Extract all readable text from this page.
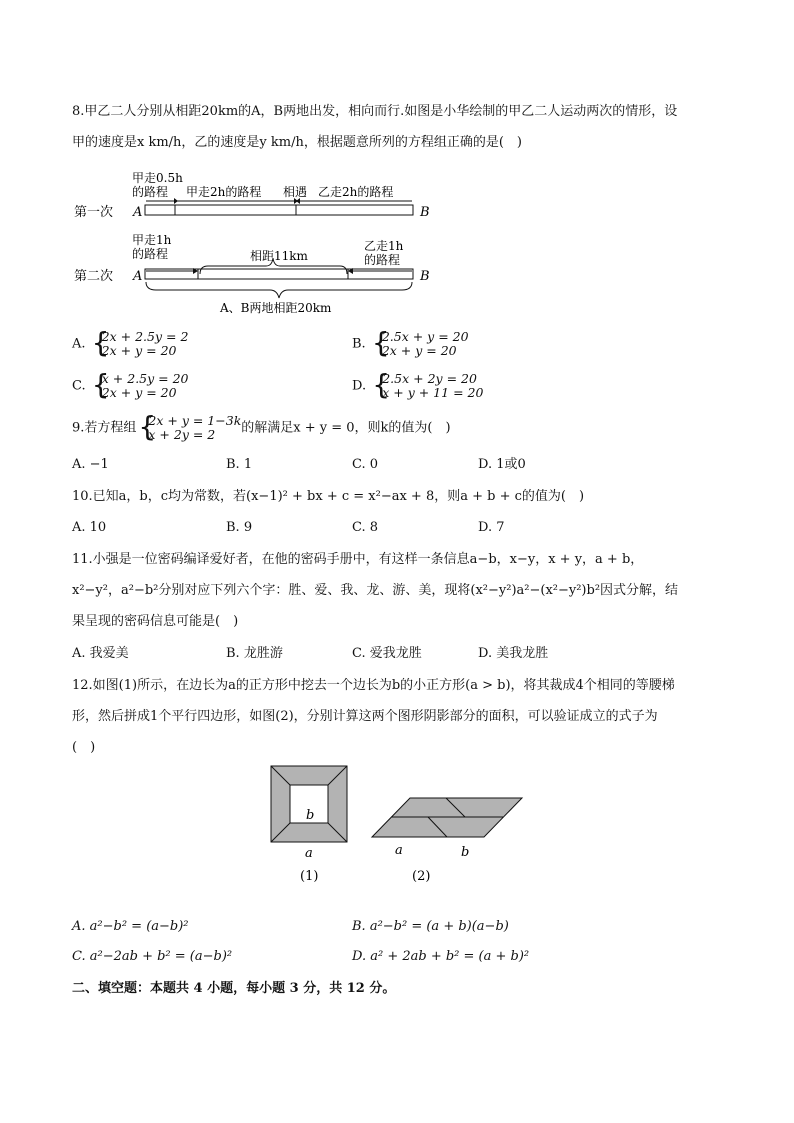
8.甲乙二人分别从相距20km的A，B两地出发，相向而行.如图是小华绘制的甲乙二人运动两次的情形，设
甲的速度是x km/h，乙的速度是y km/h，根据题意所列的方程组正确的是(　)
第一次 A
甲走0.5h
的路程 甲走2h的路程 相遇 乙走2h的路程
B
第二次 A
甲走1h
的路程	相距11km
乙走1h
的路程
B
A、B两地相距20km
A. {
2x + 2.5y = 2
2x + y = 20	B. {
2.5x + y = 20
2x + y = 20
C. {
x + 2.5y = 20
2x + y = 20	D. {
2.5x + 2y = 20
x + y + 11 = 20
9.若方程组 {
2x + y = 1−3k
x + 2y = 2	的解满足x + y = 0，则k的值为(　)
A. −1	B. 1	C. 0	D. 1或0
10.已知a，b，c均为常数，若(x−1)² + bx + c = x²−ax + 8，则a + b + c的值为(　)
A. 10	B. 9	C. 8	D. 7
11.小强是一位密码编译爱好者，在他的密码手册中，有这样一条信息a−b，x−y，x + y，a + b，
x²−y²，a²−b²分别对应下列六个字：胜、爱、我、龙、游、美，现将(x²−y²)a²−(x²−y²)b²因式分解，结
果呈现的密码信息可能是(　)
A. 我爱美	B. 龙胜游	C. 爱我龙胜	D. 美我龙胜
12.如图(1)所示，在边长为a的正方形中挖去一个边长为b的小正方形(a > b)，将其裁成4个相同的等腰梯
形，然后拼成1个平行四边形，如图(2)，分别计算这两个图形阴影部分的面积，可以验证成立的式子为
(　)
b
a
(1)
a	b
(2)
A. a²−b² = (a−b)²	B. a²−b² = (a + b)(a−b)
C. a²−2ab + b² = (a−b)²	D. a² + 2ab + b² = (a + b)²
二、填空题：本题共 4 小题，每小题 3 分，共 12 分。
